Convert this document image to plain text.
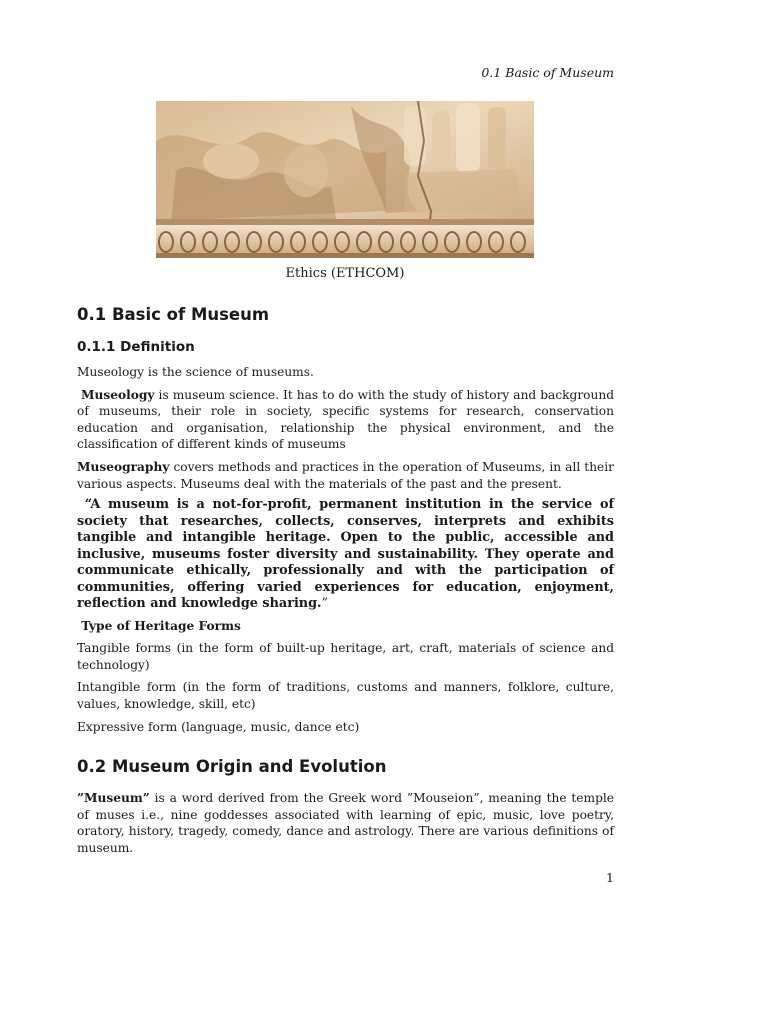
0.1 Basic of Museum
Ethics (ETHCOM)
0.1 Basic of Museum
0.1.1 Definition

Museology is the science of museums.

Museology is museum science. It has to do with the study of history and background of museums, their role in society, specific systems for research, conservation education and organisation, relationship the physical environment, and the classification of different kinds of museums

Museography covers methods and practices in the operation of Museums, in all their various aspects. Museums deal with the materials of the past and the present.

“A museum is a not-for-profit, permanent institution in the service of society that researches, collects, conserves, interprets and exhibits tangible and intangible heritage. Open to the public, accessible and inclusive, museums foster diversity and sustainability. They operate and communicate ethically, professionally and with the participation of communities, offering varied experiences for education, enjoyment, reflection and knowledge sharing.”

Type of Heritage Forms

Tangible forms (in the form of built-up heritage, art, craft, materials of science and technology)

Intangible form (in the form of traditions, customs and manners, folklore, culture, values, knowledge, skill, etc)

Expressive form (language, music, dance etc)

0.2 Museum Origin and Evolution

”Museum” is a word derived from the Greek word ”Mouseion”, meaning the temple of muses i.e., nine goddesses associated with learning of epic, music, love poetry, oratory, history, tragedy, comedy, dance and astrology. There are various definitions of museum.

1
